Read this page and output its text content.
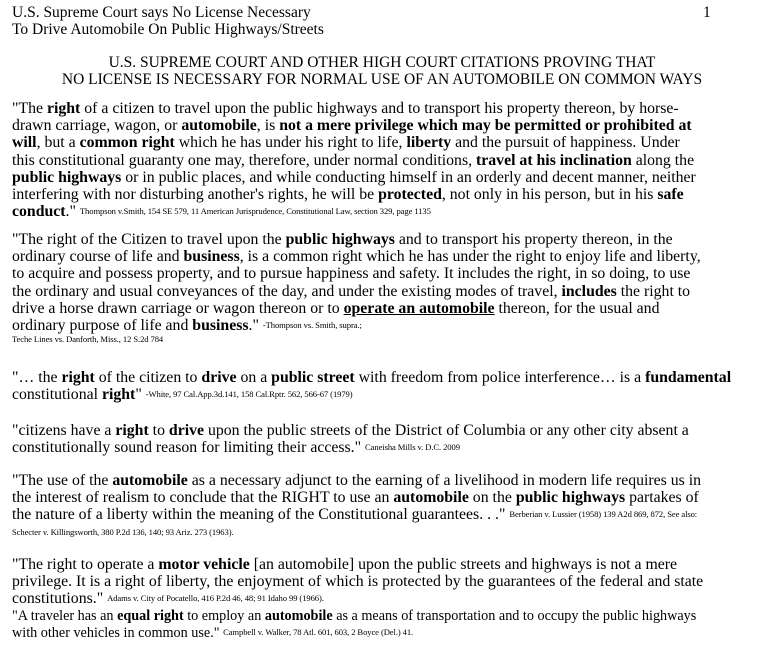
U.S. Supreme Court says No License Necessary
To Drive Automobile On Public Highways/Streets
1
U.S. SUPREME COURT AND OTHER HIGH COURT CITATIONS PROVING THAT
NO LICENSE IS NECESSARY FOR NORMAL USE OF AN AUTOMOBILE ON COMMON WAYS
"The right of a citizen to travel upon the public highways and to transport his property thereon, by horse-drawn carriage, wagon, or automobile, is not a mere privilege which may be permitted or prohibited at will, but a common right which he has under his right to life, liberty and the pursuit of happiness. Under this constitutional guaranty one may, therefore, under normal conditions, travel at his inclination along the public highways or in public places, and while conducting himself in an orderly and decent manner, neither interfering with nor disturbing another's rights, he will be protected, not only in his person, but in his safe conduct." Thompson v.Smith, 154 SE 579, 11 American Jurisprudence, Constitutional Law, section 329, page 1135
"The right of the Citizen to travel upon the public highways and to transport his property thereon, in the ordinary course of life and business, is a common right which he has under the right to enjoy life and liberty, to acquire and possess property, and to pursue happiness and safety. It includes the right, in so doing, to use the ordinary and usual conveyances of the day, and under the existing modes of travel, includes the right to drive a horse drawn carriage or wagon thereon or to operate an automobile thereon, for the usual and ordinary purpose of life and business." -Thompson vs. Smith, supra.;
Teche Lines vs. Danforth, Miss., 12 S.2d 784
"… the right of the citizen to drive on a public street with freedom from police interference… is a fundamental constitutional right" -White, 97 Cal.App.3d.141, 158 Cal.Rptr. 562, 566-67 (1979)
"citizens have a right to drive upon the public streets of the District of Columbia or any other city absent a constitutionally sound reason for limiting their access." Caneisha Mills v. D.C. 2009
"The use of the automobile as a necessary adjunct to the earning of a livelihood in modern life requires us in the interest of realism to conclude that the RIGHT to use an automobile on the public highways partakes of the nature of a liberty within the meaning of the Constitutional guarantees. . ." Berberian v. Lussier (1958) 139 A2d 869, 872, See also: Schecter v. Killingsworth, 380 P.2d 136, 140; 93 Ariz. 273 (1963).
"The right to operate a motor vehicle [an automobile] upon the public streets and highways is not a mere privilege. It is a right of liberty, the enjoyment of which is protected by the guarantees of the federal and state constitutions." Adams v. City of Pocatello, 416 P.2d 46, 48; 91 Idaho 99 (1966).
"A traveler has an equal right to employ an automobile as a means of transportation and to occupy the public highways with other vehicles in common use." Campbell v. Walker, 78 Atl. 601, 603, 2 Boyce (Del.) 41.
